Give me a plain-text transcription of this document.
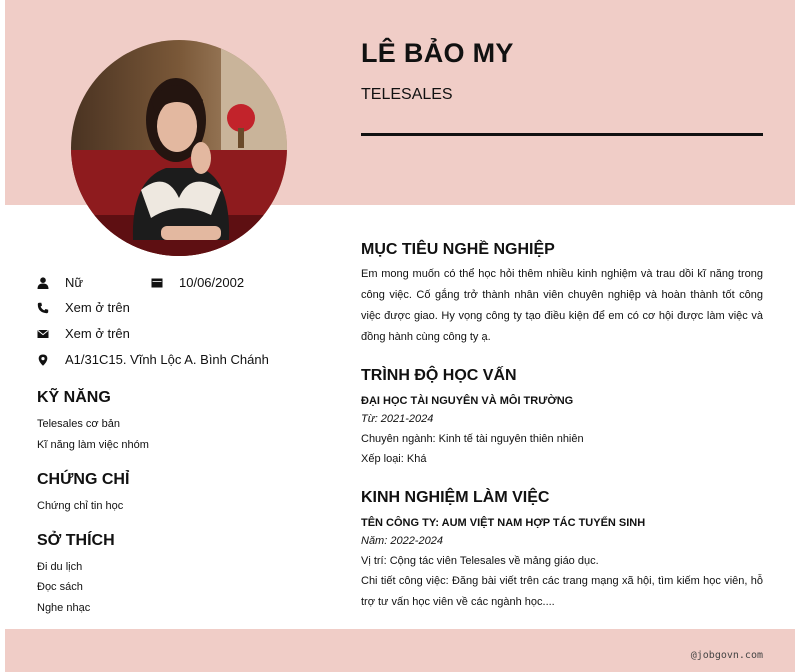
LÊ BẢO MY
TELESALES
Nữ	10/06/2002
Xem ở trên
Xem ở trên
A1/31C15. Vĩnh Lộc A. Bình Chánh
KỸ NĂNG
Telesales cơ bản
Kĩ năng làm việc nhóm
CHỨNG CHỈ
Chứng chỉ tin học
SỞ THÍCH
Đi du lịch
Đọc sách
Nghe nhạc
MỤC TIÊU NGHỀ NGHIỆP
Em mong muốn có thể học hỏi thêm nhiều kinh nghiệm và trau dồi kĩ năng trong công việc. Cố gắng trở thành nhân viên chuyên nghiệp và hoàn thành tốt công việc được giao. Hy vọng công ty tạo điều kiện để em có cơ hội được làm việc và đồng hành cùng công ty ạ.
TRÌNH ĐỘ HỌC VẤN
ĐẠI HỌC TÀI NGUYÊN VÀ MÔI TRƯỜNG
Từ: 2021-2024
Chuyên ngành: Kinh tế tài nguyên thiên nhiên
Xếp loại: Khá
KINH NGHIỆM LÀM VIỆC
TÊN CÔNG TY: AUM VIỆT NAM HỢP TÁC TUYỂN SINH
Năm: 2022-2024
Vị trí: Cộng tác viên Telesales về mảng giáo dục.
Chi tiết công việc: Đăng bài viết trên các trang mạng xã hội, tìm kiếm học viên, hỗ trợ tư vấn học viên về các ngành học....
@jobgovn.com
